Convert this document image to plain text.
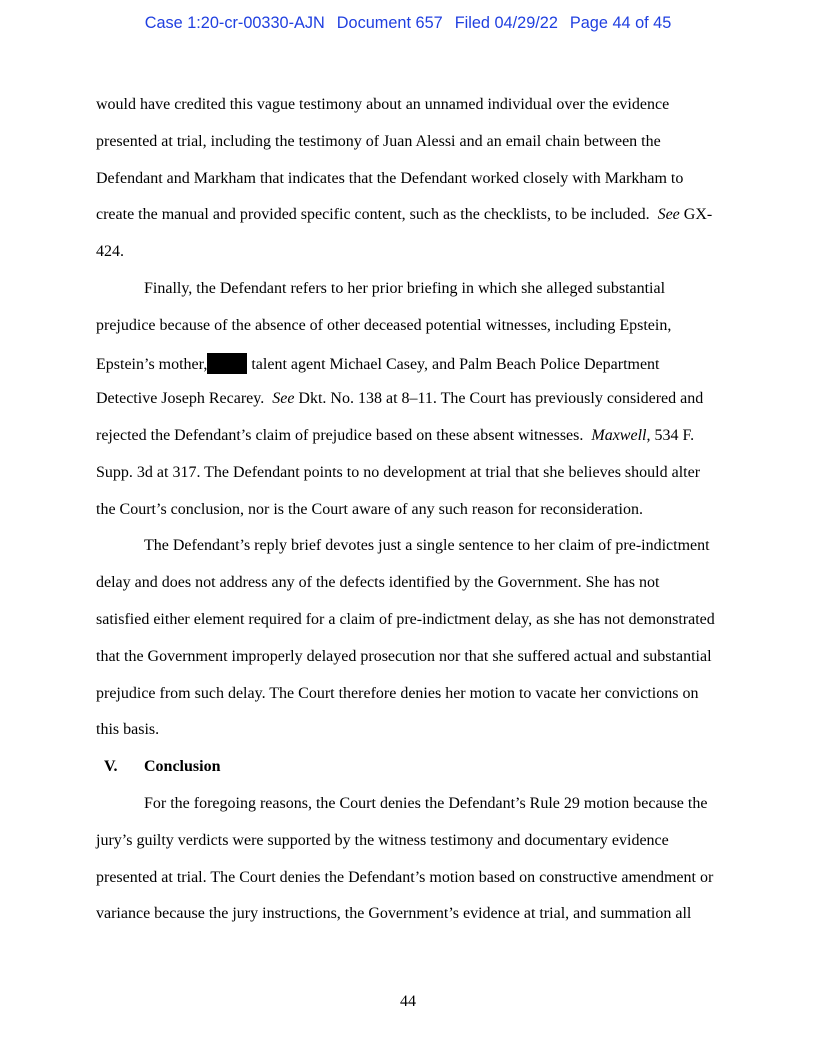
Case 1:20-cr-00330-AJN Document 657 Filed 04/29/22 Page 44 of 45
would have credited this vague testimony about an unnamed individual over the evidence
presented at trial, including the testimony of Juan Alessi and an email chain between the
Defendant and Markham that indicates that the Defendant worked closely with Markham to
create the manual and provided specific content, such as the checklists, to be included. See GX-
424.
Finally, the Defendant refers to her prior briefing in which she alleged substantial
prejudice because of the absence of other deceased potential witnesses, including Epstein,
Epstein’s mother,	talent agent Michael Casey, and Palm Beach Police Department
Detective Joseph Recarey. See Dkt. No. 138 at 8–11. The Court has previously considered and
rejected the Defendant’s claim of prejudice based on these absent witnesses. Maxwell, 534 F.
Supp. 3d at 317. The Defendant points to no development at trial that she believes should alter
the Court’s conclusion, nor is the Court aware of any such reason for reconsideration.
The Defendant’s reply brief devotes just a single sentence to her claim of pre-indictment
delay and does not address any of the defects identified by the Government. She has not
satisfied either element required for a claim of pre-indictment delay, as she has not demonstrated
that the Government improperly delayed prosecution nor that she suffered actual and substantial
prejudice from such delay. The Court therefore denies her motion to vacate her convictions on
this basis.
V. Conclusion
For the foregoing reasons, the Court denies the Defendant’s Rule 29 motion because the
jury’s guilty verdicts were supported by the witness testimony and documentary evidence
presented at trial. The Court denies the Defendant’s motion based on constructive amendment or
variance because the jury instructions, the Government’s evidence at trial, and summation all
44
